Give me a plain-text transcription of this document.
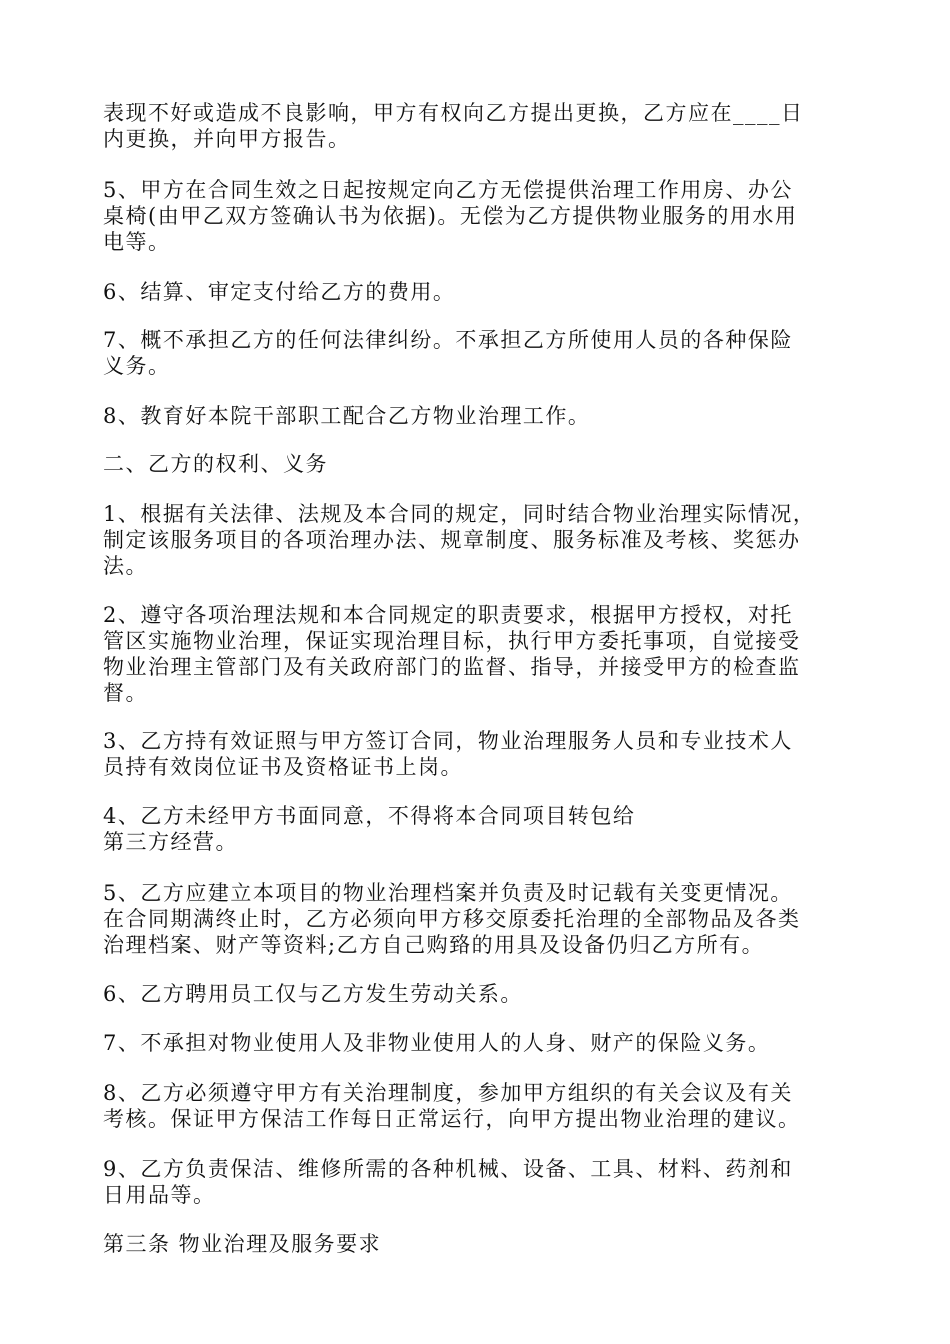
表现不好或造成不良影响，甲方有权向乙方提出更换，乙方应在____日

内更换，并向甲方报告。

5、甲方在合同生效之日起按规定向乙方无偿提供治理工作用房、办公

桌椅(由甲乙双方签确认书为依据)。无偿为乙方提供物业服务的用水用

电等。

6、结算、审定支付给乙方的费用。

7、概不承担乙方的任何法律纠纷。不承担乙方所使用人员的各种保险

义务。

8、教育好本院干部职工配合乙方物业治理工作。

二、乙方的权利、义务

1、根据有关法律、法规及本合同的规定，同时结合物业治理实际情况，

制定该服务项目的各项治理办法、规章制度、服务标准及考核、奖惩办

法。

2、遵守各项治理法规和本合同规定的职责要求，根据甲方授权，对托

管区实施物业治理，保证实现治理目标，执行甲方委托事项，自觉接受

物业治理主管部门及有关政府部门的监督、指导，并接受甲方的检查监

督。

3、乙方持有效证照与甲方签订合同，物业治理服务人员和专业技术人

员持有效岗位证书及资格证书上岗。

4、乙方未经甲方书面同意，不得将本合同项目转包给

第三方经营。

5、乙方应建立本项目的物业治理档案并负责及时记载有关变更情况。

在合同期满终止时，乙方必须向甲方移交原委托治理的全部物品及各类

治理档案、财产等资料;乙方自己购臵的用具及设备仍归乙方所有。

6、乙方聘用员工仅与乙方发生劳动关系。

7、不承担对物业使用人及非物业使用人的人身、财产的保险义务。

8、乙方必须遵守甲方有关治理制度，参加甲方组织的有关会议及有关

考核。保证甲方保洁工作每日正常运行，向甲方提出物业治理的建议。

9、乙方负责保洁、维修所需的各种机械、设备、工具、材料、药剂和

日用品等。

第三条 物业治理及服务要求
